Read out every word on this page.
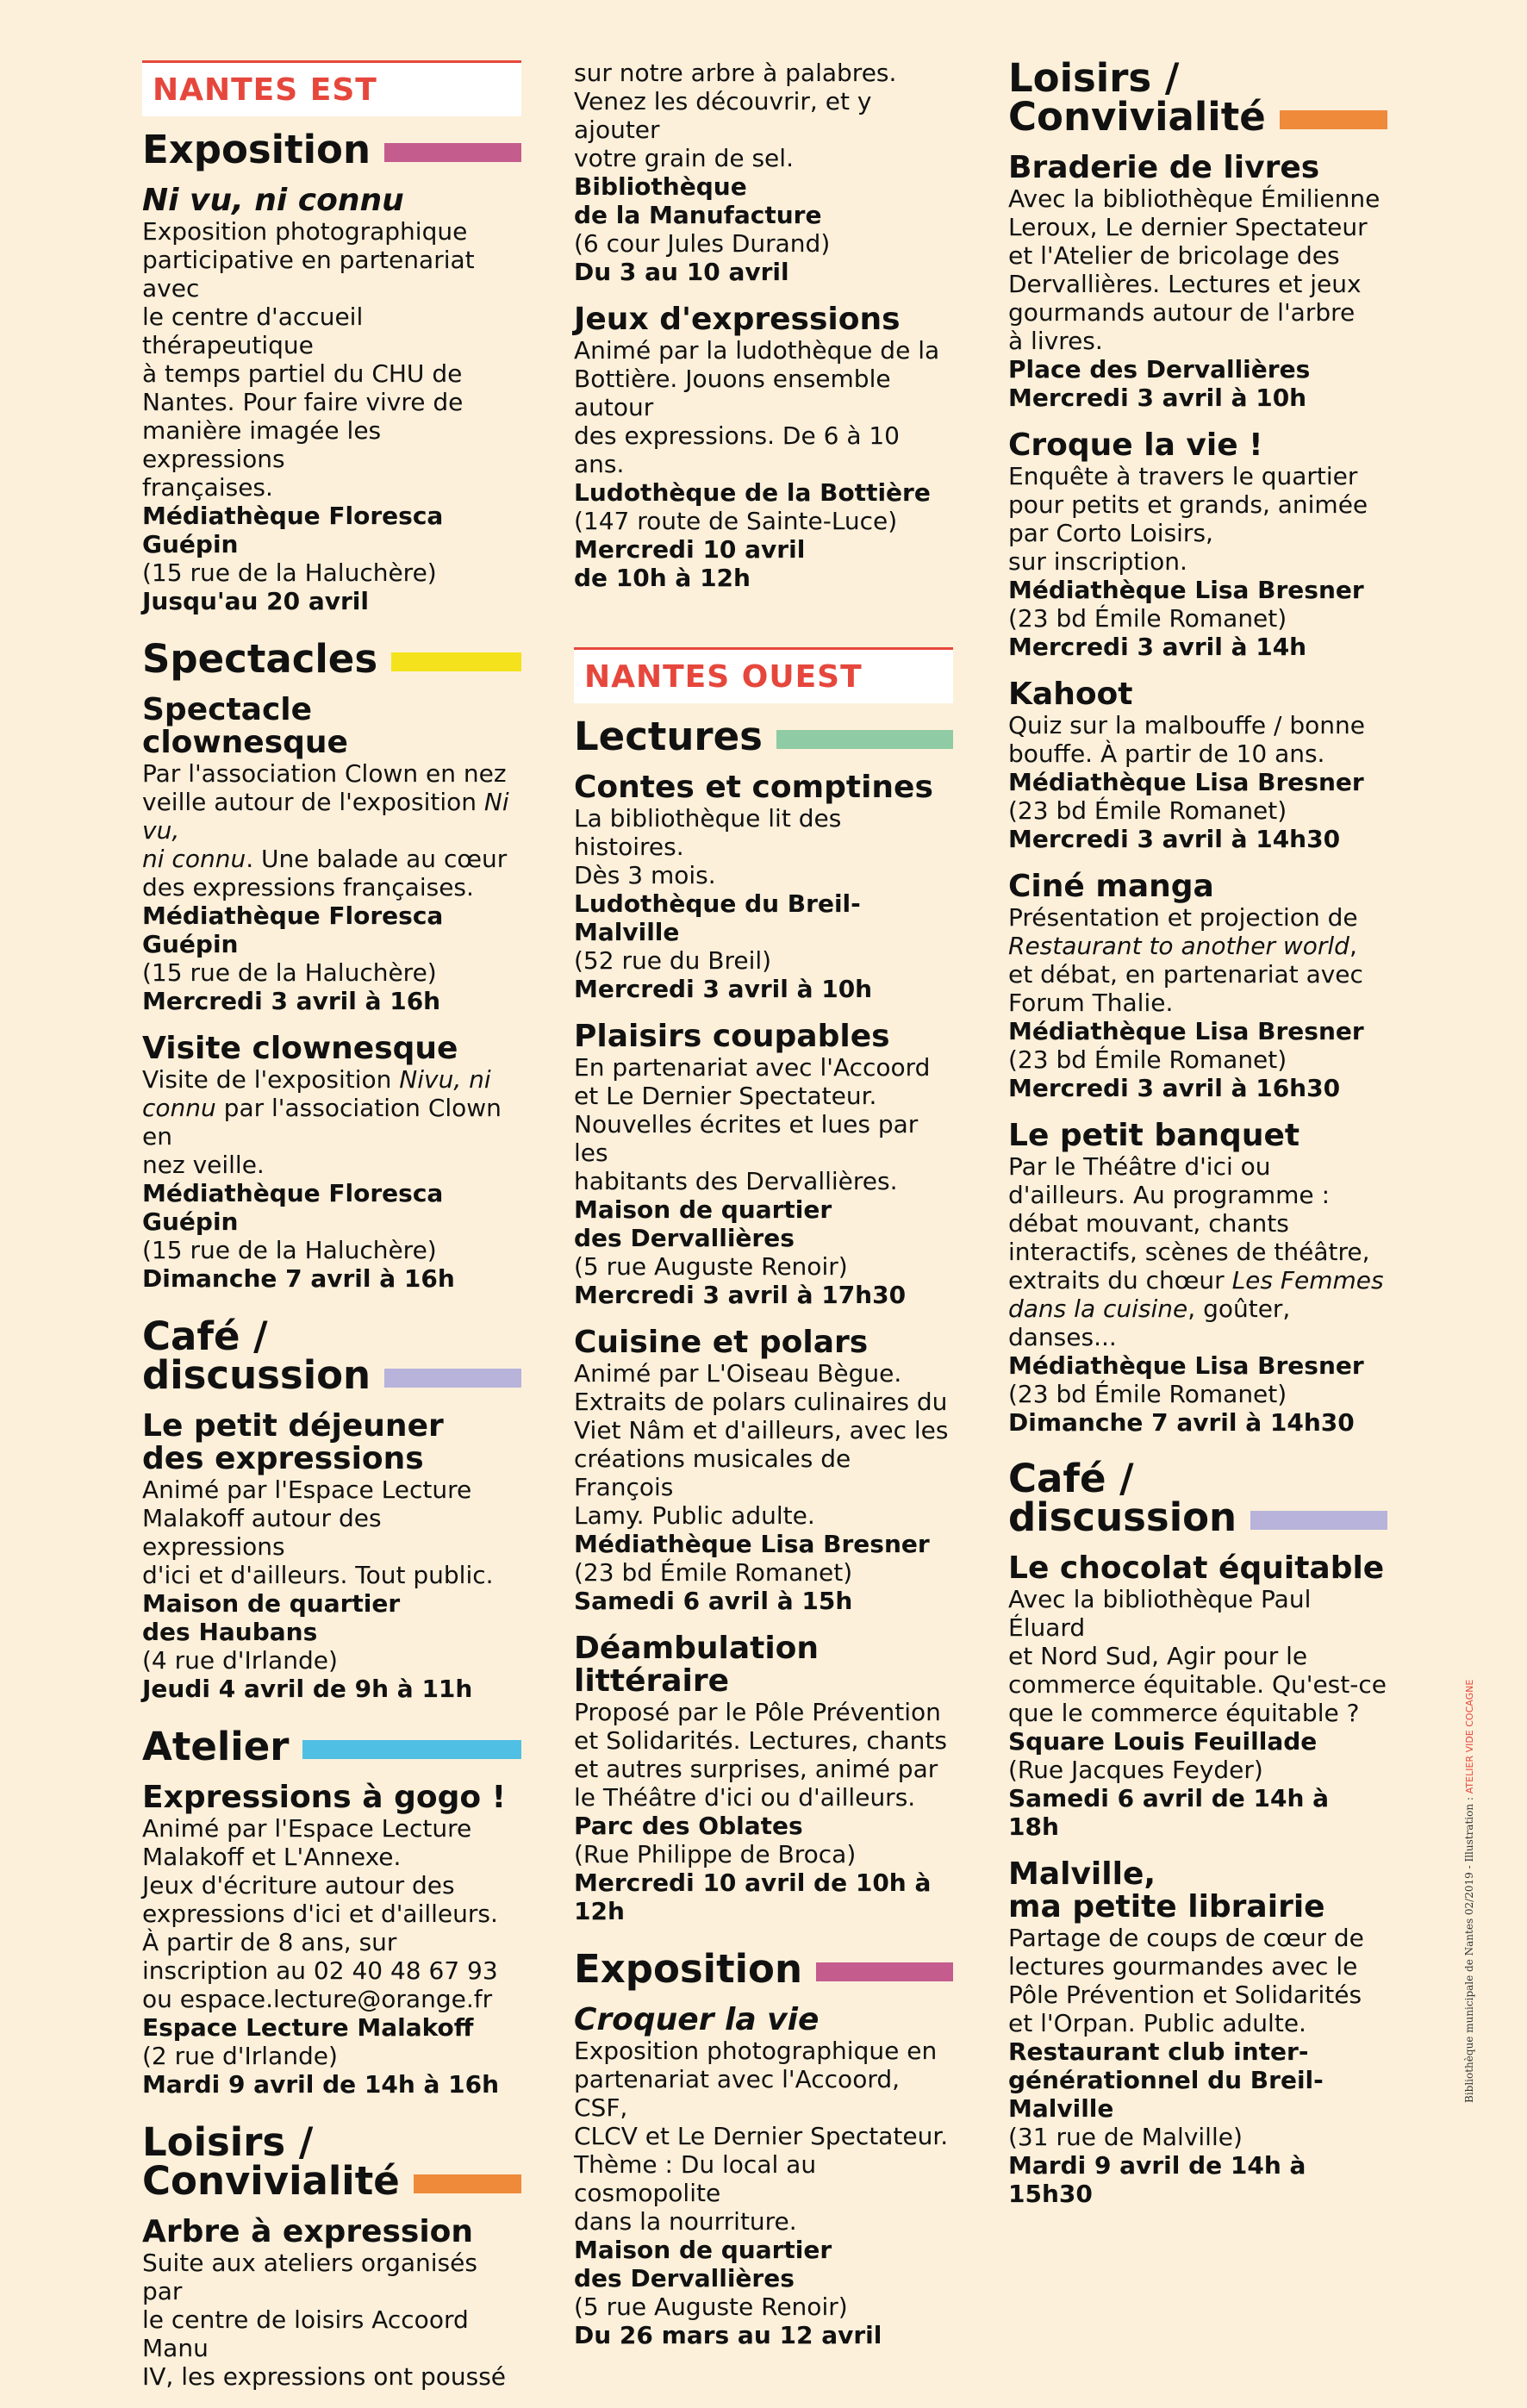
NANTES EST
Exposition
Ni vu, ni connu
Exposition photographique
participative en partenariat avec
le centre d'accueil thérapeutique
à temps partiel du CHU de
Nantes. Pour faire vivre de
manière imagée les expressions
françaises.
Médiathèque Floresca Guépin
(15 rue de la Haluchère)
Jusqu'au 20 avril
Spectacles
Spectacle clownesque
Par l'association Clown en nez
veille autour de l'exposition Ni vu,
ni connu. Une balade au cœur
des expressions françaises.
Médiathèque Floresca Guépin
(15 rue de la Haluchère)
Mercredi 3 avril à 16h
Visite clownesque
Visite de l'exposition Nivu, ni
connu par l'association Clown en
nez veille.
Médiathèque Floresca Guépin
(15 rue de la Haluchère)
Dimanche 7 avril à 16h
Café /
discussion
Le petit déjeuner
des expressions
Animé par l'Espace Lecture
Malakoff autour des expressions
d'ici et d'ailleurs. Tout public.
Maison de quartier
des Haubans
(4 rue d'Irlande)
Jeudi 4 avril de 9h à 11h
Atelier
Expressions à gogo !
Animé par l'Espace Lecture
Malakoff et L'Annexe.
Jeux d'écriture autour des
expressions d'ici et d'ailleurs.
À partir de 8 ans, sur
inscription au 02 40 48 67 93
ou espace.lecture@orange.fr
Espace Lecture Malakoff
(2 rue d'Irlande)
Mardi 9 avril de 14h à 16h
Loisirs /
Convivialité
Arbre à expression
Suite aux ateliers organisés par
le centre de loisirs Accoord Manu
IV, les expressions ont poussé
sur notre arbre à palabres.
Venez les découvrir, et y ajouter
votre grain de sel.
Bibliothèque
de la Manufacture
(6 cour Jules Durand)
Du 3 au 10 avril
Jeux d'expressions
Animé par la ludothèque de la
Bottière. Jouons ensemble autour
des expressions. De 6 à 10 ans.
Ludothèque de la Bottière
(147 route de Sainte-Luce)
Mercredi 10 avril
de 10h à 12h
NANTES OUEST
Lectures
Contes et comptines
La bibliothèque lit des histoires.
Dès 3 mois.
Ludothèque du Breil-Malville
(52 rue du Breil)
Mercredi 3 avril à 10h
Plaisirs coupables
En partenariat avec l'Accoord
et Le Dernier Spectateur.
Nouvelles écrites et lues par les
habitants des Dervallières.
Maison de quartier
des Dervallières
(5 rue Auguste Renoir)
Mercredi 3 avril à 17h30
Cuisine et polars
Animé par L'Oiseau Bègue.
Extraits de polars culinaires du
Viet Nâm et d'ailleurs, avec les
créations musicales de François
Lamy. Public adulte.
Médiathèque Lisa Bresner
(23 bd Émile Romanet)
Samedi 6 avril à 15h
Déambulation
littéraire
Proposé par le Pôle Prévention
et Solidarités. Lectures, chants
et autres surprises, animé par
le Théâtre d'ici ou d'ailleurs.
Parc des Oblates
(Rue Philippe de Broca)
Mercredi 10 avril de 10h à 12h
Exposition
Croquer la vie
Exposition photographique en
partenariat avec l'Accoord, CSF,
CLCV et Le Dernier Spectateur.
Thème : Du local au cosmopolite
dans la nourriture.
Maison de quartier
des Dervallières
(5 rue Auguste Renoir)
Du 26 mars au 12 avril
Loisirs /
Convivialité
Braderie de livres
Avec la bibliothèque Émilienne
Leroux, Le dernier Spectateur
et l'Atelier de bricolage des
Dervallières. Lectures et jeux
gourmands autour de l'arbre
à livres.
Place des Dervallières
Mercredi 3 avril à 10h
Croque la vie !
Enquête à travers le quartier
pour petits et grands, animée
par Corto Loisirs,
sur inscription.
Médiathèque Lisa Bresner
(23 bd Émile Romanet)
Mercredi 3 avril à 14h
Kahoot
Quiz sur la malbouffe / bonne
bouffe. À partir de 10 ans.
Médiathèque Lisa Bresner
(23 bd Émile Romanet)
Mercredi 3 avril à 14h30
Ciné manga
Présentation et projection de
Restaurant to another world,
et débat, en partenariat avec
Forum Thalie.
Médiathèque Lisa Bresner
(23 bd Émile Romanet)
Mercredi 3 avril à 16h30
Le petit banquet
Par le Théâtre d'ici ou
d'ailleurs. Au programme :
débat mouvant, chants
interactifs, scènes de théâtre,
extraits du chœur Les Femmes
dans la cuisine, goûter,
danses...
Médiathèque Lisa Bresner
(23 bd Émile Romanet)
Dimanche 7 avril à 14h30
Café /
discussion
Le chocolat équitable
Avec la bibliothèque Paul Éluard
et Nord Sud, Agir pour le
commerce équitable. Qu'est-ce
que le commerce équitable ?
Square Louis Feuillade
(Rue Jacques Feyder)
Samedi 6 avril de 14h à 18h
Malville,
ma petite librairie
Partage de coups de cœur de
lectures gourmandes avec le
Pôle Prévention et Solidarités
et l'Orpan. Public adulte.
Restaurant club inter-
générationnel du Breil-Malville
(31 rue de Malville)
Mardi 9 avril de 14h à 15h30
Bibliothèque municipale de Nantes 02/2019 - Illustration : ATELIER VIDE COCAGNE
